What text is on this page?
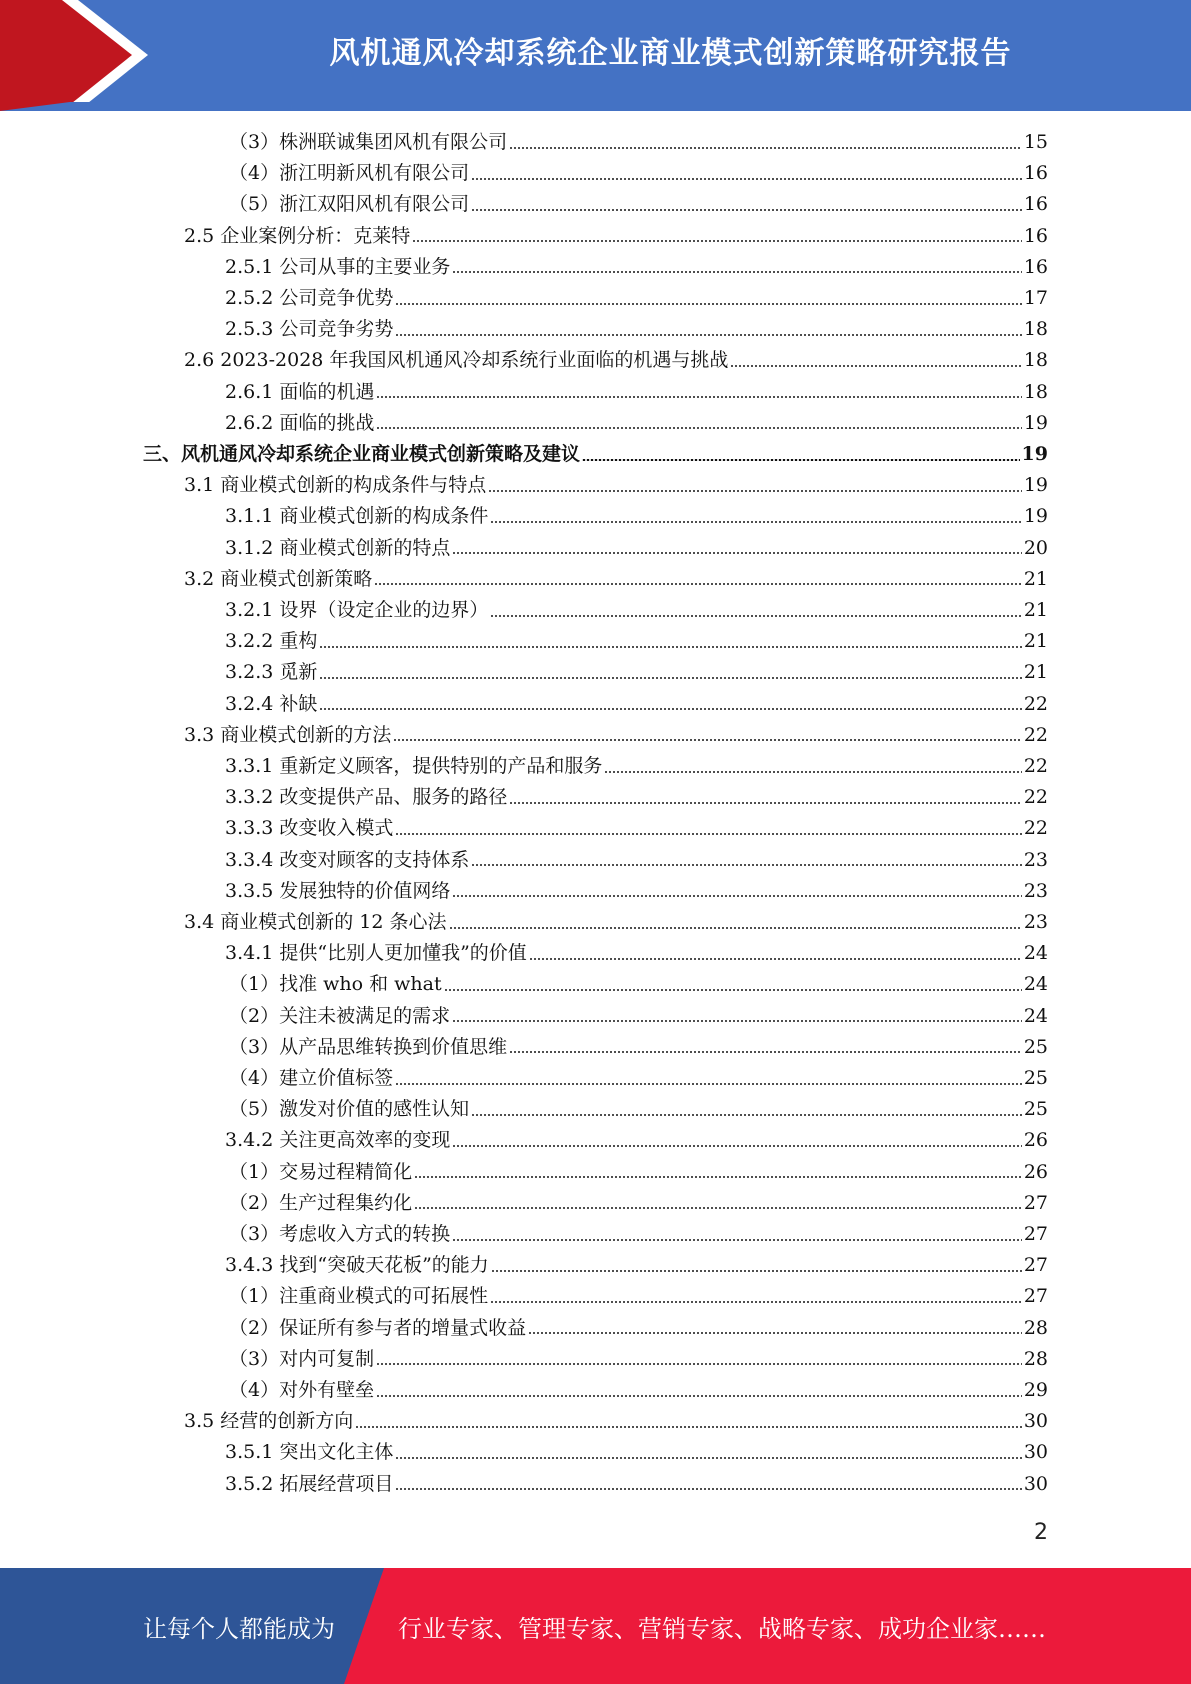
风机通风冷却系统企业商业模式创新策略研究报告
（3）株洲联诚集团风机有限公司	15
（4）浙江明新风机有限公司	16
（5）浙江双阳风机有限公司	16
2.5 企业案例分析：克莱特	16
2.5.1 公司从事的主要业务	16
2.5.2 公司竞争优势	17
2.5.3 公司竞争劣势	18
2.6 2023-2028 年我国风机通风冷却系统行业面临的机遇与挑战	18
2.6.1 面临的机遇	18
2.6.2 面临的挑战	19
三、风机通风冷却系统企业商业模式创新策略及建议	19
3.1 商业模式创新的构成条件与特点	19
3.1.1 商业模式创新的构成条件	19
3.1.2 商业模式创新的特点	20
3.2 商业模式创新策略	21
3.2.1 设界（设定企业的边界）	21
3.2.2 重构	21
3.2.3 觅新	21
3.2.4 补缺	22
3.3 商业模式创新的方法	22
3.3.1 重新定义顾客，提供特别的产品和服务	22
3.3.2 改变提供产品、服务的路径	22
3.3.3 改变收入模式	22
3.3.4 改变对顾客的支持体系	23
3.3.5 发展独特的价值网络	23
3.4 商业模式创新的 12 条心法	23
3.4.1 提供“比别人更加懂我”的价值	24
（1）找准 who 和 what	24
（2）关注未被满足的需求	24
（3）从产品思维转换到价值思维	25
（4）建立价值标签	25
（5）激发对价值的感性认知	25
3.4.2 关注更高效率的变现	26
（1）交易过程精简化	26
（2）生产过程集约化	27
（3）考虑收入方式的转换	27
3.4.3 找到“突破天花板”的能力	27
（1）注重商业模式的可拓展性	27
（2）保证所有参与者的增量式收益	28
（3）对内可复制	28
（4）对外有壁垒	29
3.5 经营的创新方向	30
3.5.1 突出文化主体	30
3.5.2 拓展经营项目	30
2
让每个人都能成为	行业专家、管理专家、营销专家、战略专家、成功企业家……
